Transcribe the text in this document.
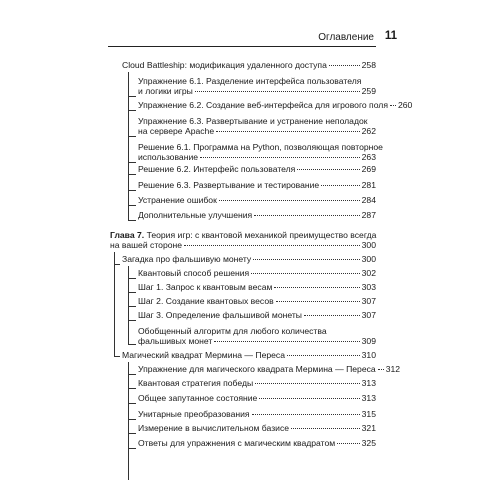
Оглавление 11
Cloud Battleship: модификация удаленного доступа	258
Упражнение 6.1. Разделение интерфейса пользователя
и логики игры	259
Упражнение 6.2. Создание веб-интерфейса для игрового поля 260
Упражнение 6.3. Развертывание и устранение неполадок
на сервере Apache	262
Решение 6.1. Программа на Python, позволяющая повторное
использование	263
Решение 6.2. Интерфейс пользователя	269
Решение 6.3. Развертывание и тестирование	281
Устранение ошибок	284
Дополнительные улучшения	287
Глава 7. Теория игр: с квантовой механикой преимущество всегда
на вашей стороне	300
Загадка про фальшивую монету	300
Квантовый способ решения	302
Шаг 1. Запрос к квантовым весам	303
Шаг 2. Создание квантовых весов	307
Шаг 3. Определение фальшивой монеты	307
Обобщенный алгоритм для любого количества
фальшивых монет	309
Магический квадрат Мермина — Переса	310
Упражнение для магического квадрата Мермина — Переса 312
Квантовая стратегия победы	313
Общее запутанное состояние	313
Унитарные преобразования	315
Измерение в вычислительном базисе	321
Ответы для упражнения с магическим квадратом	325
